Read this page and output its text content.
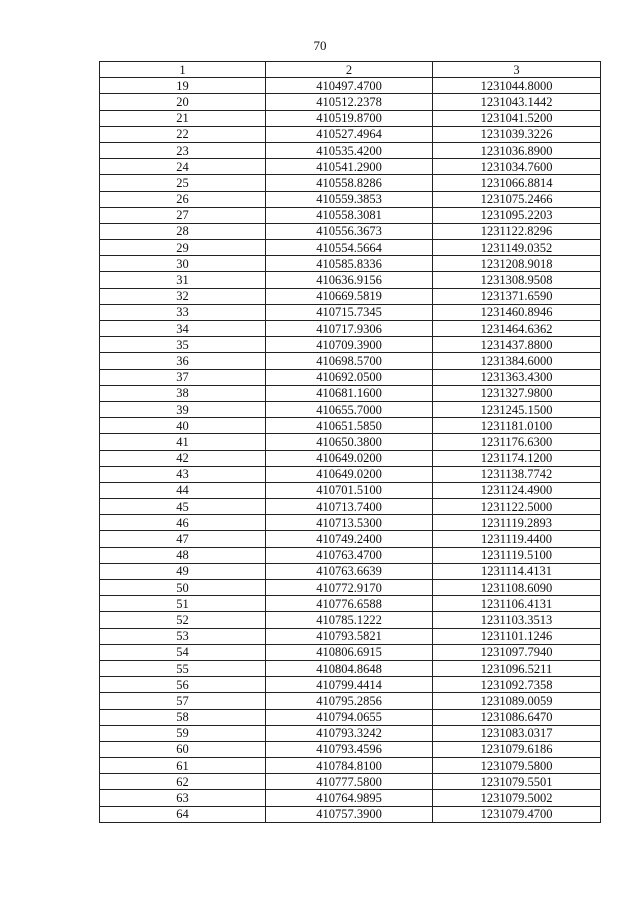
70
1	2	3
19	410497.4700	1231044.8000
20	410512.2378	1231043.1442
21	410519.8700	1231041.5200
22	410527.4964	1231039.3226
23	410535.4200	1231036.8900
24	410541.2900	1231034.7600
25	410558.8286	1231066.8814
26	410559.3853	1231075.2466
27	410558.3081	1231095.2203
28	410556.3673	1231122.8296
29	410554.5664	1231149.0352
30	410585.8336	1231208.9018
31	410636.9156	1231308.9508
32	410669.5819	1231371.6590
33	410715.7345	1231460.8946
34	410717.9306	1231464.6362
35	410709.3900	1231437.8800
36	410698.5700	1231384.6000
37	410692.0500	1231363.4300
38	410681.1600	1231327.9800
39	410655.7000	1231245.1500
40	410651.5850	1231181.0100
41	410650.3800	1231176.6300
42	410649.0200	1231174.1200
43	410649.0200	1231138.7742
44	410701.5100	1231124.4900
45	410713.7400	1231122.5000
46	410713.5300	1231119.2893
47	410749.2400	1231119.4400
48	410763.4700	1231119.5100
49	410763.6639	1231114.4131
50	410772.9170	1231108.6090
51	410776.6588	1231106.4131
52	410785.1222	1231103.3513
53	410793.5821	1231101.1246
54	410806.6915	1231097.7940
55	410804.8648	1231096.5211
56	410799.4414	1231092.7358
57	410795.2856	1231089.0059
58	410794.0655	1231086.6470
59	410793.3242	1231083.0317
60	410793.4596	1231079.6186
61	410784.8100	1231079.5800
62	410777.5800	1231079.5501
63	410764.9895	1231079.5002
64	410757.3900	1231079.4700
